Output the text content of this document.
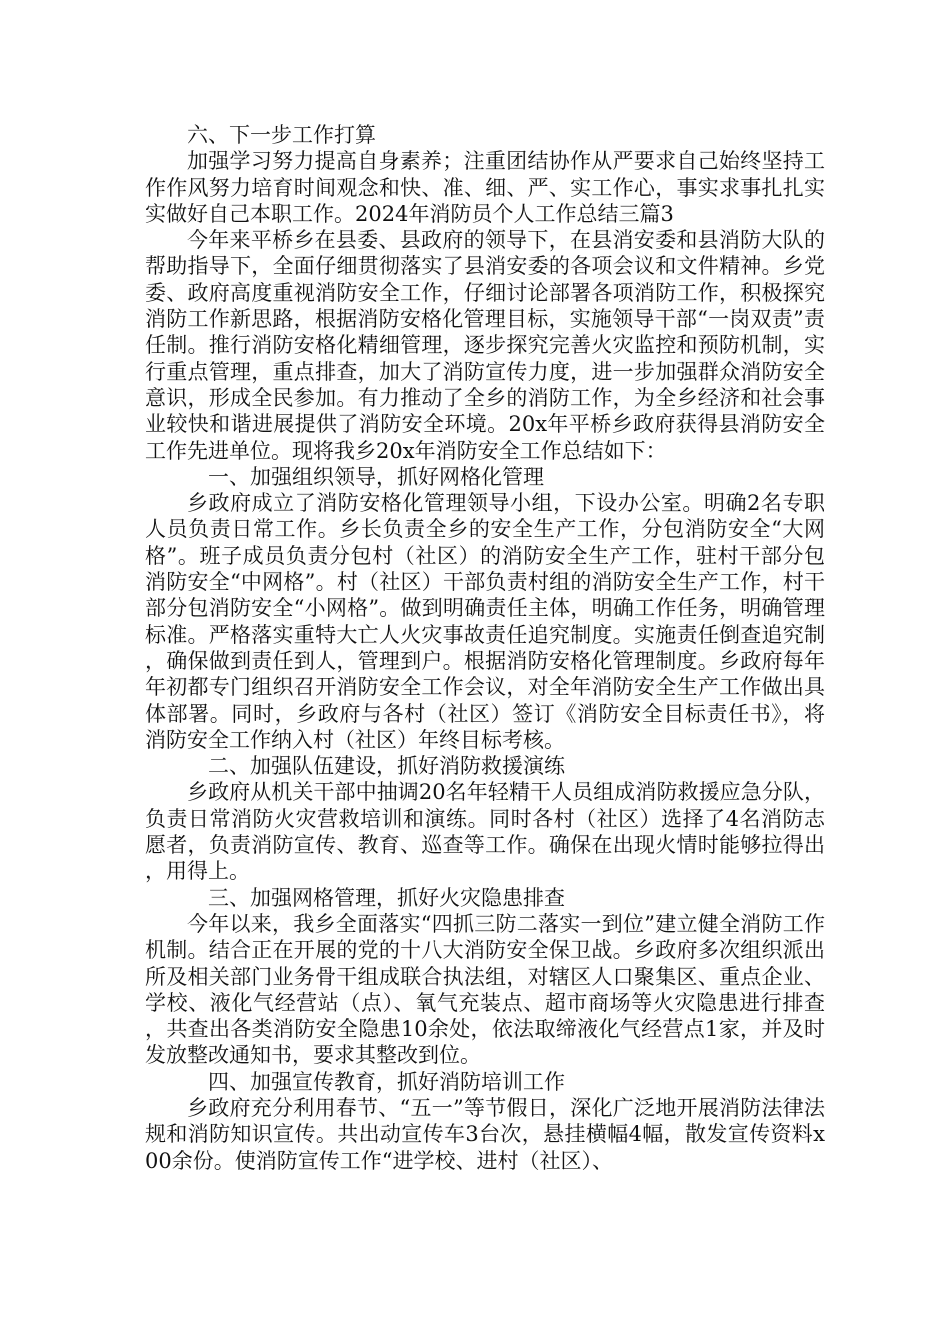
六、下一步工作打算

加强学习努力提高自身素养；注重团结协作从严要求自己始终坚持工作作风努力培育时间观念和快、准、细、严、实工作心，事实求事扎扎实实做好自己本职工作。2024年消防员个人工作总结三篇3

今年来平桥乡在县委、县政府的领导下，在县消安委和县消防大队的帮助指导下，全面仔细贯彻落实了县消安委的各项会议和文件精神。乡党委、政府高度重视消防安全工作，仔细讨论部署各项消防工作，积极探究消防工作新思路，根据消防安格化管理目标，实施领导干部“一岗双责”责任制。推行消防安格化精细管理，逐步探究完善火灾监控和预防机制，实行重点管理，重点排查，加大了消防宣传力度，进一步加强群众消防安全意识，形成全民参加。有力推动了全乡的消防工作，为全乡经济和社会事业较快和谐进展提供了消防安全环境。20x年平桥乡政府获得县消防安全工作先进单位。现将我乡20x年消防安全工作总结如下：

一、加强组织领导，抓好网格化管理

乡政府成立了消防安格化管理领导小组，下设办公室。明确2名专职人员负责日常工作。乡长负责全乡的安全生产工作，分包消防安全“大网格”。班子成员负责分包村（社区）的消防安全生产工作，驻村干部分包消防安全“中网格”。村（社区）干部负责村组的消防安全生产工作，村干部分包消防安全“小网格”。做到明确责任主体，明确工作任务，明确管理标准。严格落实重特大亡人火灾事故责任追究制度。实施责任倒查追究制，确保做到责任到人，管理到户。根据消防安格化管理制度。乡政府每年年初都专门组织召开消防安全工作会议，对全年消防安全生产工作做出具体部署。同时，乡政府与各村（社区）签订《消防安全目标责任书》，将消防安全工作纳入村（社区）年终目标考核。

二、加强队伍建设，抓好消防救援演练

乡政府从机关干部中抽调20名年轻精干人员组成消防救援应急分队，负责日常消防火灾营救培训和演练。同时各村（社区）选择了4名消防志愿者，负责消防宣传、教育、巡查等工作。确保在出现火情时能够拉得出，用得上。

三、加强网格管理，抓好火灾隐患排查

今年以来，我乡全面落实“四抓三防二落实一到位”建立健全消防工作机制。结合正在开展的党的十八大消防安全保卫战。乡政府多次组织派出所及相关部门业务骨干组成联合执法组，对辖区人口聚集区、重点企业、学校、液化气经营站（点）、氧气充装点、超市商场等火灾隐患进行排查，共查出各类消防安全隐患10余处，依法取缔液化气经营点1家，并及时发放整改通知书，要求其整改到位。

四、加强宣传教育，抓好消防培训工作

乡政府充分利用春节、“五一”等节假日，深化广泛地开展消防法律法规和消防知识宣传。共出动宣传车3台次，悬挂横幅4幅，散发宣传资料x00余份。使消防宣传工作“进学校、进村（社区）、
